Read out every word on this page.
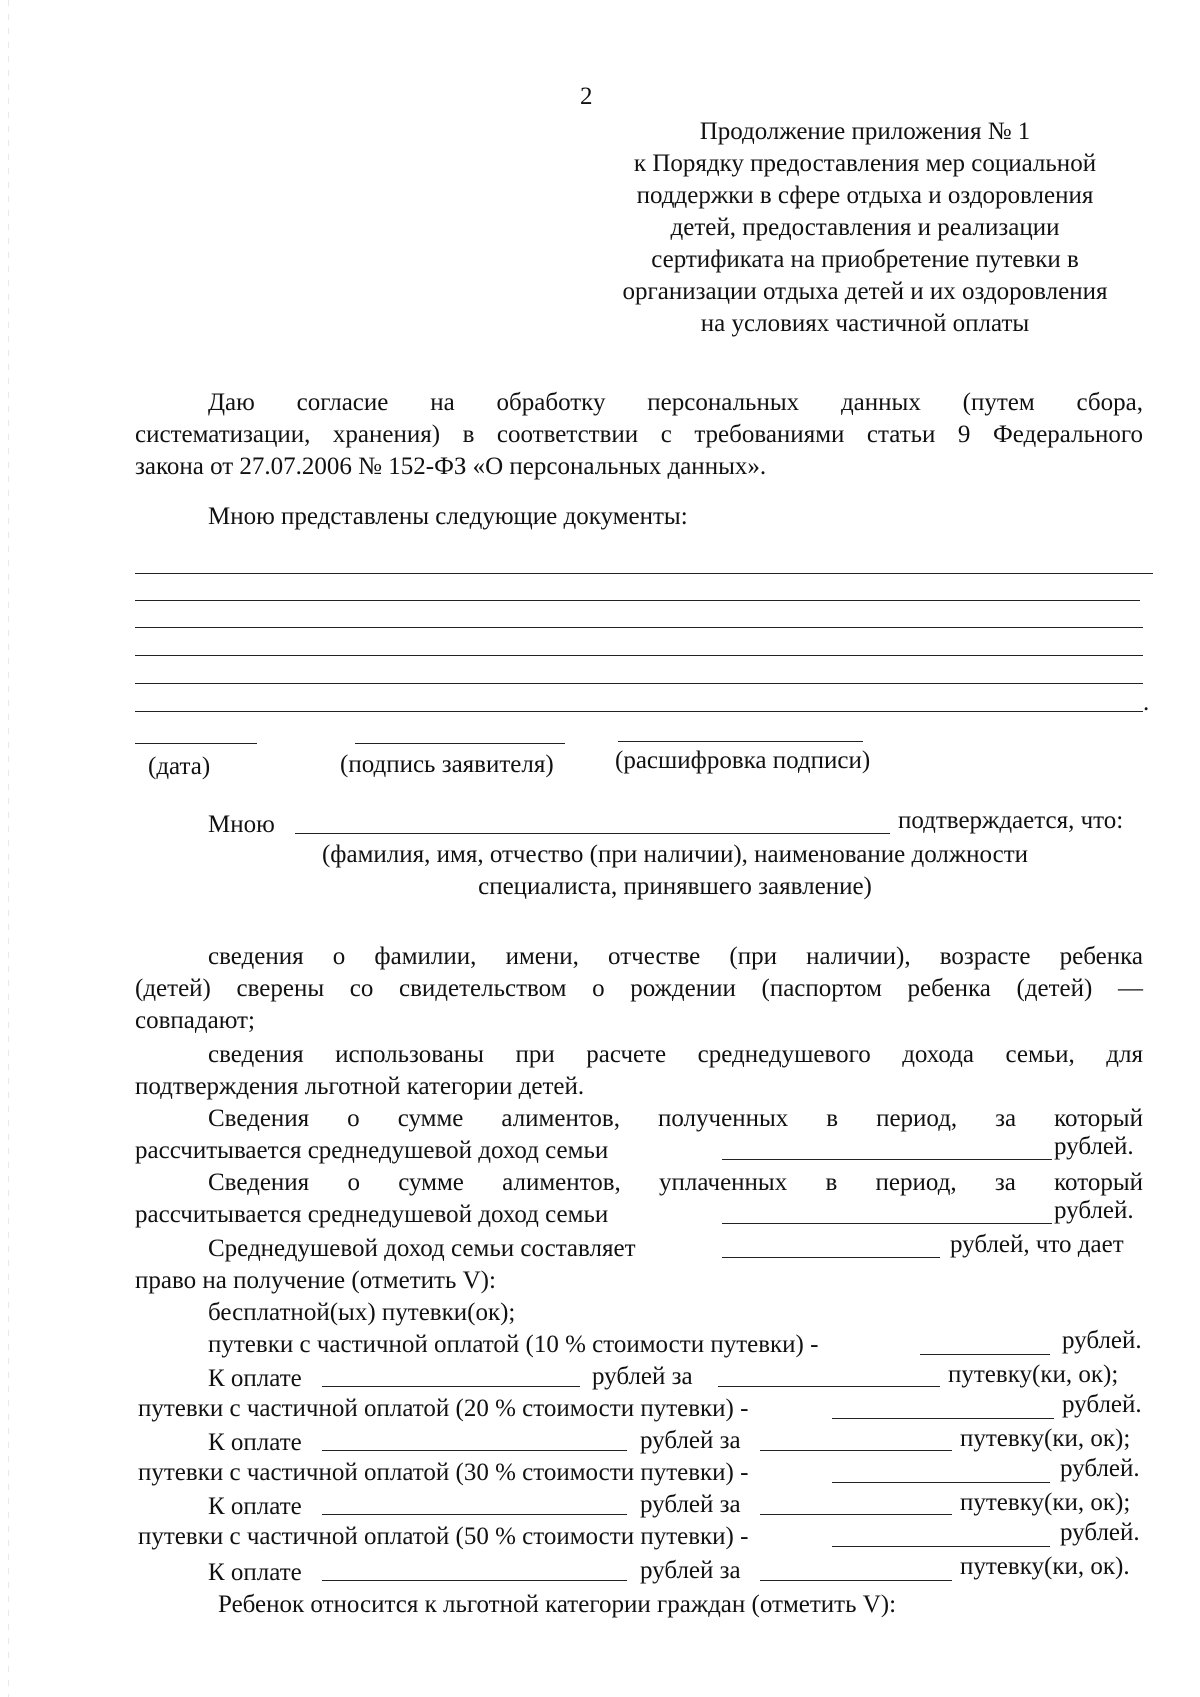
2
Продолжение приложения № 1
к Порядку предоставления мер социальной
поддержки в сфере отдыха и оздоровления
детей, предоставления и реализации
сертификата на приобретение путевки в
организации отдыха детей и их оздоровления
на условиях частичной оплаты
Даю согласие на обработку персональных данных (путем сбора,
систематизации, хранения) в соответствии с требованиями статьи 9 Федерального
закона от 27.07.2006 № 152-ФЗ «О персональных данных».
Мною представлены следующие документы:
.
(дата)	(подпись заявителя) (расшифровка подписи)
Мною	подтверждается, что:
(фамилия, имя, отчество (при наличии), наименование должности
специалиста, принявшего заявление)
сведения о фамилии, имени, отчестве (при наличии), возрасте ребенка
(детей) сверены со свидетельством о рождении (паспортом ребенка (детей) —
совпадают;
сведения использованы при расчете среднедушевого дохода семьи, для
подтверждения льготной категории детей.
Сведения о сумме алиментов, полученных в период, за который
рассчитывается среднедушевой доход семьи	рублей.
Сведения о сумме алиментов, уплаченных в период, за который
рассчитывается среднедушевой доход семьи	рублей.
Среднедушевой доход семьи составляет	рублей, что дает
право на получение (отметить V):
бесплатной(ых) путевки(ок);
путевки с частичной оплатой (10 % стоимости путевки) -	рублей.
К оплате	рублей за	путевку(ки, ок);
путевки с частичной оплатой (20 % стоимости путевки) -	рублей.
К оплате	рублей за	путевку(ки, ок);
путевки с частичной оплатой (30 % стоимости путевки) -	рублей.
К оплате	рублей за	путевку(ки, ок);
путевки с частичной оплатой (50 % стоимости путевки) -	рублей.
К оплате	рублей за	путевку(ки, ок).
Ребенок относится к льготной категории граждан (отметить V):
